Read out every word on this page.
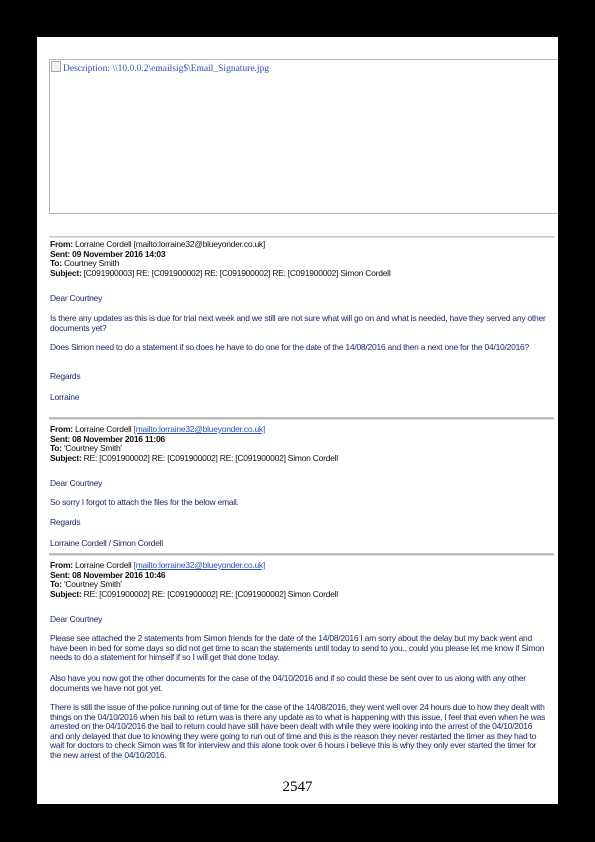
Description: \\10.0.0.2\emailsig$\Email_Signature.jpg
From: Lorraine Cordell [mailto:lorraine32@blueyonder.co.uk]
Sent: 09 November 2016 14:03
To: Courtney Smith
Subject: [C091900003] RE: [C091900002] RE: [C091900002] RE: [C091900002] Simon Cordell
Dear Courtney
Is there any updates as this is due for trial next week and we still are not sure what will go on and what is needed, have they served any other documents yet?
Does Simon need to do a statement if so does he have to do one for the date of the 14/08/2016 and then a next one for the 04/10/2016?
Regards
Lorraine
From: Lorraine Cordell [mailto:lorraine32@blueyonder.co.uk]
Sent: 08 November 2016 11:06
To: 'Courtney Smith'
Subject: RE: [C091900002] RE: [C091900002] RE: [C091900002] Simon Cordell
Dear Courtney
So sorry I forgot to attach the files for the below email.
Regards
Lorraine Cordell / Simon Cordell
From: Lorraine Cordell [mailto:lorraine32@blueyonder.co.uk]
Sent: 08 November 2016 10:46
To: 'Courtney Smith'
Subject: RE: [C091900002] RE: [C091900002] RE: [C091900002] Simon Cordell
Dear Courtney
Please see attached the 2 statements from Simon friends for the date of the 14/08/2016 I am sorry about the delay but my back went and have been in bed for some days so did not get time to scan the statements until today to send to you., could you please let me know if Simon needs to do a statement for himself if so I will get that done today.
Also have you now got the other documents for the case of the 04/10/2016 and if so could these be sent over to us along with any other documents we have not got yet.
There is still the issue of the police running out of time for the case of the 14/08/2016, they went well over 24 hours due to how they dealt with things on the 04/10/2016 when his bail to return was is there any update as to what is happening with this issue, I feel that even when he was arrested on the 04/10/2016 the bail to return could have still have been dealt with while they were looking into the arrest of the 04/10/2016 and only delayed that due to knowing they were going to run out of time and this is the reason they never restarted the timer as they had to wait for doctors to check Simon was fit for interview and this alone took over 6 hours i believe this is why they only ever started the timer for the new arrest of the 04/10/2016.
2547
